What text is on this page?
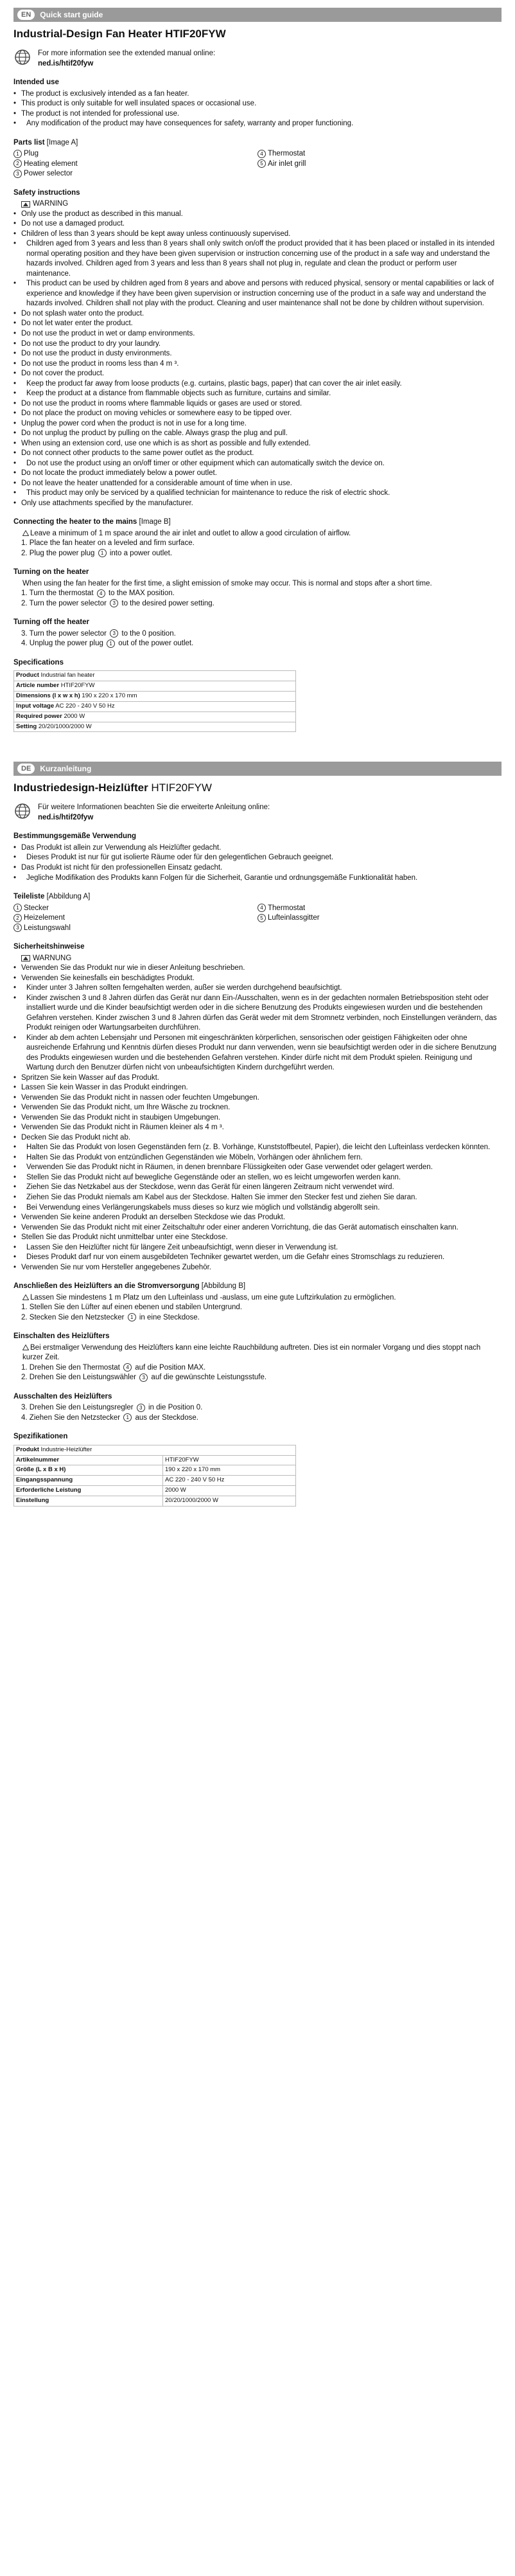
EN	Quick start guide
Industrial-Design Fan Heater HTIF20FYW
For more information see the extended manual online:
ned.is/htif20fyw
Intended use
• The product is exclusively intended as a fan heater.
• This product is only suitable for well insulated spaces or occasional use.
• The product is not intended for professional use.
• Any modification of the product may have consequences for safety, warranty and proper functioning.
Parts list [Image A]
1 Plug
2 Heating element
3 Power selector
4 Thermostat
5 Air inlet grill
Safety instructions
WARNING
• Only use the product as described in this manual.
• Do not use a damaged product.
• Children of less than 3 years should be kept away unless continuously supervised.
• Children aged from 3 years and less than 8 years shall only switch on/off the product provided that it has been placed or installed in its intended normal operating position and they have been given supervision or instruction concerning use of the product in a safe way and understand the hazards involved. Children aged from 3 years and less than 8 years shall not plug in, regulate and clean the product or perform user maintenance.
• This product can be used by children aged from 8 years and above and persons with reduced physical, sensory or mental capabilities or lack of experience and knowledge if they have been given supervision or instruction concerning use of the product in a safe way and understand the hazards involved. Children shall not play with the product. Cleaning and user maintenance shall not be done by children without supervision.
• Do not splash water onto the product.
• Do not let water enter the product.
• Do not use the product in wet or damp environments.
• Do not use the product to dry your laundry.
• Do not use the product in dusty environments.
• Do not use the product in rooms less than 4 m ³.
• Do not cover the product.
• Keep the product far away from loose products (e.g. curtains, plastic bags, paper) that can cover the air inlet easily.
• Keep the product at a distance from flammable objects such as furniture, curtains and similar.
• Do not use the product in rooms where flammable liquids or gases are used or stored.
• Do not place the product on moving vehicles or somewhere easy to be tipped over.
• Unplug the power cord when the product is not in use for a long time.
• Do not unplug the product by pulling on the cable. Always grasp the plug and pull.
• When using an extension cord, use one which is as short as possible and fully extended.
• Do not connect other products to the same power outlet as the product.
• Do not use the product using an on/off timer or other equipment which can automatically switch the device on.
• Do not locate the product immediately below a power outlet.
• Do not leave the heater unattended for a considerable amount of time when in use.
• This product may only be serviced by a qualified technician for maintenance to reduce the risk of electric shock.
• Only use attachments specified by the manufacturer.
Connecting the heater to the mains [Image B]
Leave a minimum of 1 m space around the air inlet and outlet to allow a good circulation of airflow.
1. Place the fan heater on a leveled and firm surface.
2. Plug the power plug 1 into a power outlet.
Turning on the heater
When using the fan heater for the first time, a slight emission of smoke may occur. This is normal and stops after a short time.
1. Turn the thermostat 4 to the MAX position.
2. Turn the power selector 3 to the desired power setting.
Turning off the heater
3. Turn the power selector 3 to the 0 position.
4. Unplug the power plug 1 out of the power outlet.
Specifications
Product Industrial fan heater
Article number HTIF20FYW
Dimensions (l x w x h) 190 x 220 x 170 mm
Input voltage AC 220 - 240 V 50 Hz
Required power 2000 W
Setting 20/20/1000/2000 W
DE	Kurzanleitung
Industriedesign-Heizlüfter HTIF20FYW
Für weitere Informationen beachten Sie die erweiterte Anleitung online:
ned.is/htif20fyw
Bestimmungsgemäße Verwendung
• Das Produkt ist allein zur Verwendung als Heizlüfter gedacht.
• Dieses Produkt ist nur für gut isolierte Räume oder für den gelegentlichen Gebrauch geeignet.
• Das Produkt ist nicht für den professionellen Einsatz gedacht.
• Jegliche Modifikation des Produkts kann Folgen für die Sicherheit, Garantie und ordnungsgemäße Funktionalität haben.
Teileliste [Abbildung A]
1 Stecker
2 Heizelement
3 Leistungswahl
4 Thermostat
5 Lufteinlassgitter
Sicherheitshinweise
WARNUNG
• Verwenden Sie das Produkt nur wie in dieser Anleitung beschrieben.
• Verwenden Sie keinesfalls ein beschädigtes Produkt.
• Kinder unter 3 Jahren sollten ferngehalten werden, außer sie werden durchgehend beaufsichtigt.
• Kinder zwischen 3 und 8 Jahren dürfen das Gerät nur dann Ein-/Ausschalten, wenn es in der gedachten normalen Betriebsposition steht oder installiert wurde und die Kinder beaufsichtigt werden oder in die sichere Benutzung des Produkts eingewiesen wurden und die bestehenden Gefahren verstehen. Kinder zwischen 3 und 8 Jahren dürfen das Gerät weder mit dem Stromnetz verbinden, noch Einstellungen verändern, das Produkt reinigen oder Wartungsarbeiten durchführen.
• Kinder ab dem achten Lebensjahr und Personen mit eingeschränkten körperlichen, sensorischen oder geistigen Fähigkeiten oder ohne ausreichende Erfahrung und Kenntnis dürfen dieses Produkt nur dann verwenden, wenn sie beaufsichtigt werden oder in die sichere Benutzung des Produkts eingewiesen wurden und die bestehenden Gefahren verstehen. Kinder dürfe nicht mit dem Produkt spielen. Reinigung und Wartung durch den Benutzer dürfen nicht von unbeaufsichtigten Kindern durchgeführt werden.
• Spritzen Sie kein Wasser auf das Produkt.
• Lassen Sie kein Wasser in das Produkt eindringen.
• Verwenden Sie das Produkt nicht in nassen oder feuchten Umgebungen.
• Verwenden Sie das Produkt nicht, um Ihre Wäsche zu trocknen.
• Verwenden Sie das Produkt nicht in staubigen Umgebungen.
• Verwenden Sie das Produkt nicht in Räumen kleiner als 4 m ³.
• Decken Sie das Produkt nicht ab.
• Halten Sie das Produkt von losen Gegenständen fern (z. B. Vorhänge, Kunststoffbeutel, Papier), die leicht den Lufteinlass verdecken könnten.
• Halten Sie das Produkt von entzündlichen Gegenständen wie Möbeln, Vorhängen oder ähnlichem fern.
• Verwenden Sie das Produkt nicht in Räumen, in denen brennbare Flüssigkeiten oder Gase verwendet oder gelagert werden.
• Stellen Sie das Produkt nicht auf bewegliche Gegenstände oder an stellen, wo es leicht umgeworfen werden kann.
• Ziehen Sie das Netzkabel aus der Steckdose, wenn das Gerät für einen längeren Zeitraum nicht verwendet wird.
• Ziehen Sie das Produkt niemals am Kabel aus der Steckdose. Halten Sie immer den Stecker fest und ziehen Sie daran.
• Bei Verwendung eines Verlängerungskabels muss dieses so kurz wie möglich und vollständig abgerollt sein.
• Verwenden Sie keine anderen Produkt an derselben Steckdose wie das Produkt.
• Verwenden Sie das Produkt nicht mit einer Zeitschaltuhr oder einer anderen Vorrichtung, die das Gerät automatisch einschalten kann.
• Stellen Sie das Produkt nicht unmittelbar unter eine Steckdose.
• Lassen Sie den Heizlüfter nicht für längere Zeit unbeaufsichtigt, wenn dieser in Verwendung ist.
• Dieses Produkt darf nur von einem ausgebildeten Techniker gewartet werden, um die Gefahr eines Stromschlags zu reduzieren.
• Verwenden Sie nur vom Hersteller angegebenes Zubehör.
Anschließen des Heizlüfters an die Stromversorgung [Abbildung B]
Lassen Sie mindestens 1 m Platz um den Lufteinlass und -auslass, um eine gute Luftzirkulation zu ermöglichen.
1. Stellen Sie den Lüfter auf einen ebenen und stabilen Untergrund.
2. Stecken Sie den Netzstecker 1 in eine Steckdose.
Einschalten des Heizlüfters
Bei erstmaliger Verwendung des Heizlüfters kann eine leichte Rauchbildung auftreten. Dies ist ein normaler Vorgang und dies stoppt nach kurzer Zeit.
1. Drehen Sie den Thermostat 4 auf die Position MAX.
2. Drehen Sie den Leistungswähler 3 auf die gewünschte Leistungsstufe.
Ausschalten des Heizlüfters
3. Drehen Sie den Leistungsregler 3 in die Position 0.
4. Ziehen Sie den Netzstecker 1 aus der Steckdose.
Spezifikationen
Produkt Industrie-Heizlüfter	
Artikelnummer	HTIF20FYW
Größe (L x B x H)	190 x 220 x 170 mm
Eingangsspannung	AC 220 - 240 V 50 Hz
Erforderliche Leistung	2000 W
Einstellung	20/20/1000/2000 W
